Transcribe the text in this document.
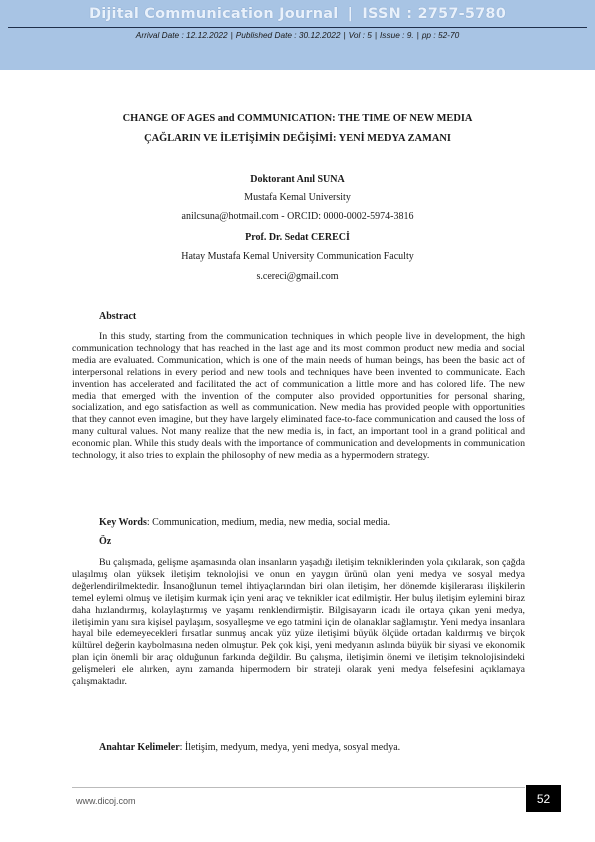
Dijital Communication Journal | ISSN : 2757-5780
Arrival Date : 12.12.2022 | Published Date : 30.12.2022 | Vol : 5 | Issue : 9. | pp : 52-70
CHANGE OF AGES and COMMUNICATION: THE TIME OF NEW MEDIA
ÇAĞLARIN VE İLETİŞİMİN DEĞİŞİMİ: YENİ MEDYA ZAMANI
Doktorant Anıl SUNA
Mustafa Kemal University
anilcsuna@hotmail.com - ORCID: 0000-0002-5974-3816
Prof. Dr. Sedat CERECİ
Hatay Mustafa Kemal University Communication Faculty
s.cereci@gmail.com
Abstract

In this study, starting from the communication techniques in which people live in development, the high communication technology that has reached in the last age and its most common product new media and social media are evaluated. Communication, which is one of the main needs of human beings, has been the basic act of interpersonal relations in every period and new tools and techniques have been invented to communicate. Each invention has accelerated and facilitated the act of communication a little more and has colored life. The new media that emerged with the invention of the computer also provided opportunities for personal sharing, socialization, and ego satisfaction as well as communication. New media has provided people with opportunities that they cannot even imagine, but they have largely eliminated face-to-face communication and caused the loss of many cultural values. Not many realize that the new media is, in fact, an important tool in a grand political and economic plan. While this study deals with the importance of communication and developments in communication technology, it also tries to explain the philosophy of new media as a hypermodern strategy.

Key Words: Communication, medium, media, new media, social media.
Öz

Bu çalışmada, gelişme aşamasında olan insanların yaşadığı iletişim tekniklerinden yola çıkılarak, son çağda ulaşılmış olan yüksek iletişim teknolojisi ve onun en yaygın ürünü olan yeni medya ve sosyal medya değerlendirilmektedir. İnsanoğlunun temel ihtiyaçlarından biri olan iletişim, her dönemde kişilerarası ilişkilerin temel eylemi olmuş ve iletişim kurmak için yeni araç ve teknikler icat edilmiştir. Her buluş iletişim eylemini biraz daha hızlandırmış, kolaylaştırmış ve yaşamı renklendirmiştir. Bilgisayarın icadı ile ortaya çıkan yeni medya, iletişimin yanı sıra kişisel paylaşım, sosyalleşme ve ego tatmini için de olanaklar sağlamıştır. Yeni medya insanlara hayal bile edemeyecekleri fırsatlar sunmuş ancak yüz yüze iletişimi büyük ölçüde ortadan kaldırmış ve birçok kültürel değerin kaybolmasına neden olmuştur. Pek çok kişi, yeni medyanın aslında büyük bir siyasi ve ekonomik plan için önemli bir araç olduğunun farkında değildir. Bu çalışma, iletişimin önemi ve iletişim teknolojisindeki gelişmeleri ele alırken, aynı zamanda hipermodern bir strateji olarak yeni medya felsefesini açıklamaya çalışmaktadır.

Anahtar Kelimeler: İletişim, medyum, medya, yeni medya, sosyal medya.
www.dicoj.com	52
